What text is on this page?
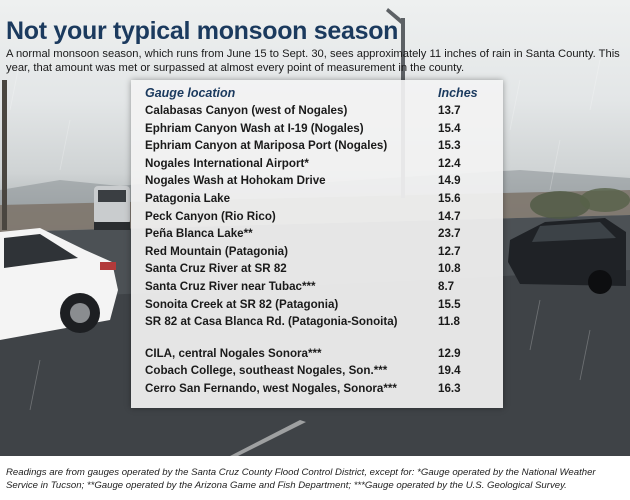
Not your typical monsoon season

A normal monsoon season, which runs from June 15 to Sept. 30, sees approximately 11 inches of rain in Santa County. This year, that amount was met or surpassed at almost every point of measurement in the county.

Gauge location	Inches
Calabasas Canyon (west of Nogales)	13.7
Ephriam Canyon Wash at I-19 (Nogales)	15.4
Ephriam Canyon at Mariposa Port (Nogales)	15.3
Nogales International Airport*	12.4
Nogales Wash at Hohokam Drive	14.9
Patagonia Lake	15.6
Peck Canyon (Rio Rico)	14.7
Peña Blanca Lake**	23.7
Red Mountain (Patagonia)	12.7
Santa Cruz River at SR 82	10.8
Santa Cruz River near Tubac***	8.7
Sonoita Creek at SR 82 (Patagonia)	15.5
SR 82 at Casa Blanca Rd. (Patagonia-Sonoita)	11.8
CILA, central Nogales Sonora***	12.9
Cobach College, southeast Nogales, Son.***	19.4
Cerro San Fernando, west Nogales, Sonora***	16.3

Readings are from gauges operated by the Santa Cruz County Flood Control District, except for: *Gauge operated by the National Weather Service in Tucson; **Gauge operated by the Arizona Game and Fish Department; ***Gauge operated by the U.S. Geological Survey.
